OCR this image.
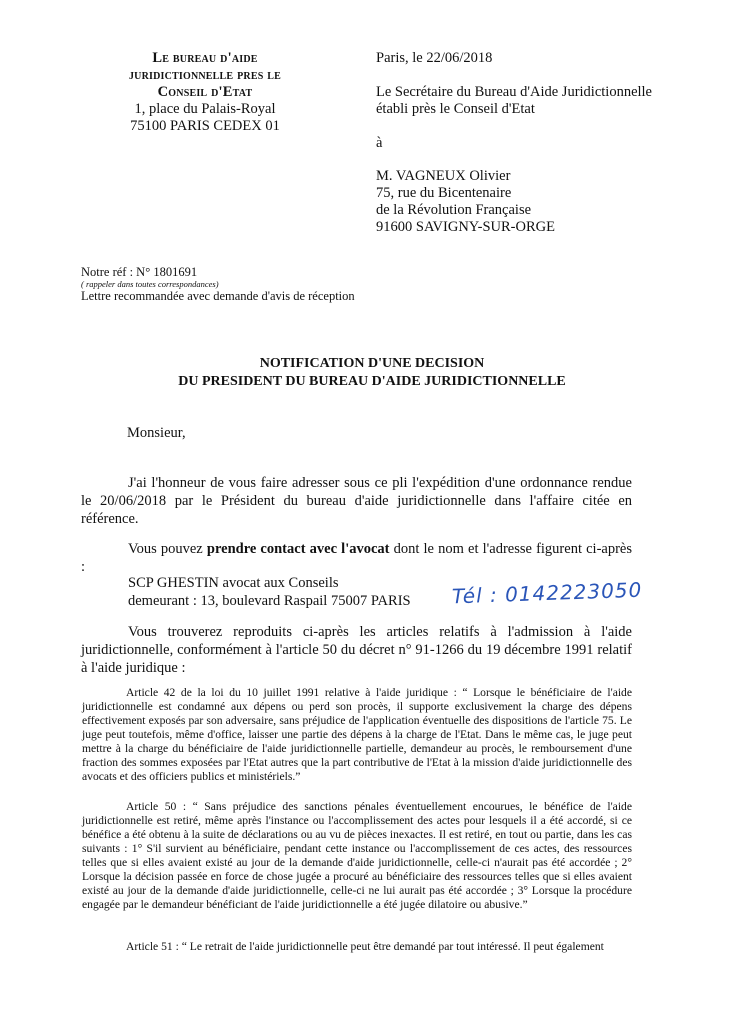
Le bureau d'aide
juridictionnelle pres le
Conseil d'Etat
1, place du Palais-Royal
75100 PARIS CEDEX 01
Paris, le 22/06/2018
Le Secrétaire du Bureau d'Aide Juridictionnelle
établi près le Conseil d'Etat
à
M. VAGNEUX Olivier
75, rue du Bicentenaire
de la Révolution Française
91600 SAVIGNY-SUR-ORGE
Notre réf : N° 1801691
( rappeler dans toutes correspondances)
Lettre recommandée avec demande d'avis de réception
NOTIFICATION D'UNE DECISION
DU PRESIDENT DU BUREAU D'AIDE JURIDICTIONNELLE
Monsieur,
J'ai l'honneur de vous faire adresser sous ce pli l'expédition d'une ordonnance rendue le 20/06/2018 par le Président du bureau d'aide juridictionnelle dans l'affaire citée en référence.
Vous pouvez prendre contact avec l'avocat dont le nom et l'adresse figurent ci-après :
SCP GHESTIN avocat aux Conseils
demeurant : 13, boulevard Raspail 75007 PARIS Tél : 0142223050
Vous trouverez reproduits ci-après les articles relatifs à l'admission à l'aide juridictionnelle, conformément à l'article 50 du décret n° 91-1266 du 19 décembre 1991 relatif à l'aide juridique :
Article 42 de la loi du 10 juillet 1991 relative à l'aide juridique : “ Lorsque le bénéficiaire de l'aide juridictionnelle est condamné aux dépens ou perd son procès, il supporte exclusivement la charge des dépens effectivement exposés par son adversaire, sans préjudice de l'application éventuelle des dispositions de l'article 75. Le juge peut toutefois, même d'office, laisser une partie des dépens à la charge de l'Etat. Dans le même cas, le juge peut mettre à la charge du bénéficiaire de l'aide juridictionnelle partielle, demandeur au procès, le remboursement d'une fraction des sommes exposées par l'Etat autres que la part contributive de l'Etat à la mission d'aide juridictionnelle des avocats et des officiers publics et ministériels.”
Article 50 : “ Sans préjudice des sanctions pénales éventuellement encourues, le bénéfice de l'aide juridictionnelle est retiré, même après l'instance ou l'accomplissement des actes pour lesquels il a été accordé, si ce bénéfice a été obtenu à la suite de déclarations ou au vu de pièces inexactes. Il est retiré, en tout ou partie, dans les cas suivants : 1° S'il survient au bénéficiaire, pendant cette instance ou l'accomplissement de ces actes, des ressources telles que si elles avaient existé au jour de la demande d'aide juridictionnelle, celle-ci n'aurait pas été accordée ; 2° Lorsque la décision passée en force de chose jugée a procuré au bénéficiaire des ressources telles que si elles avaient existé au jour de la demande d'aide juridictionnelle, celle-ci ne lui aurait pas été accordée ; 3° Lorsque la procédure engagée par le demandeur bénéficiant de l'aide juridictionnelle a été jugée dilatoire ou abusive.”
Article 51 : “ Le retrait de l'aide juridictionnelle peut être demandé par tout intéressé. Il peut également
